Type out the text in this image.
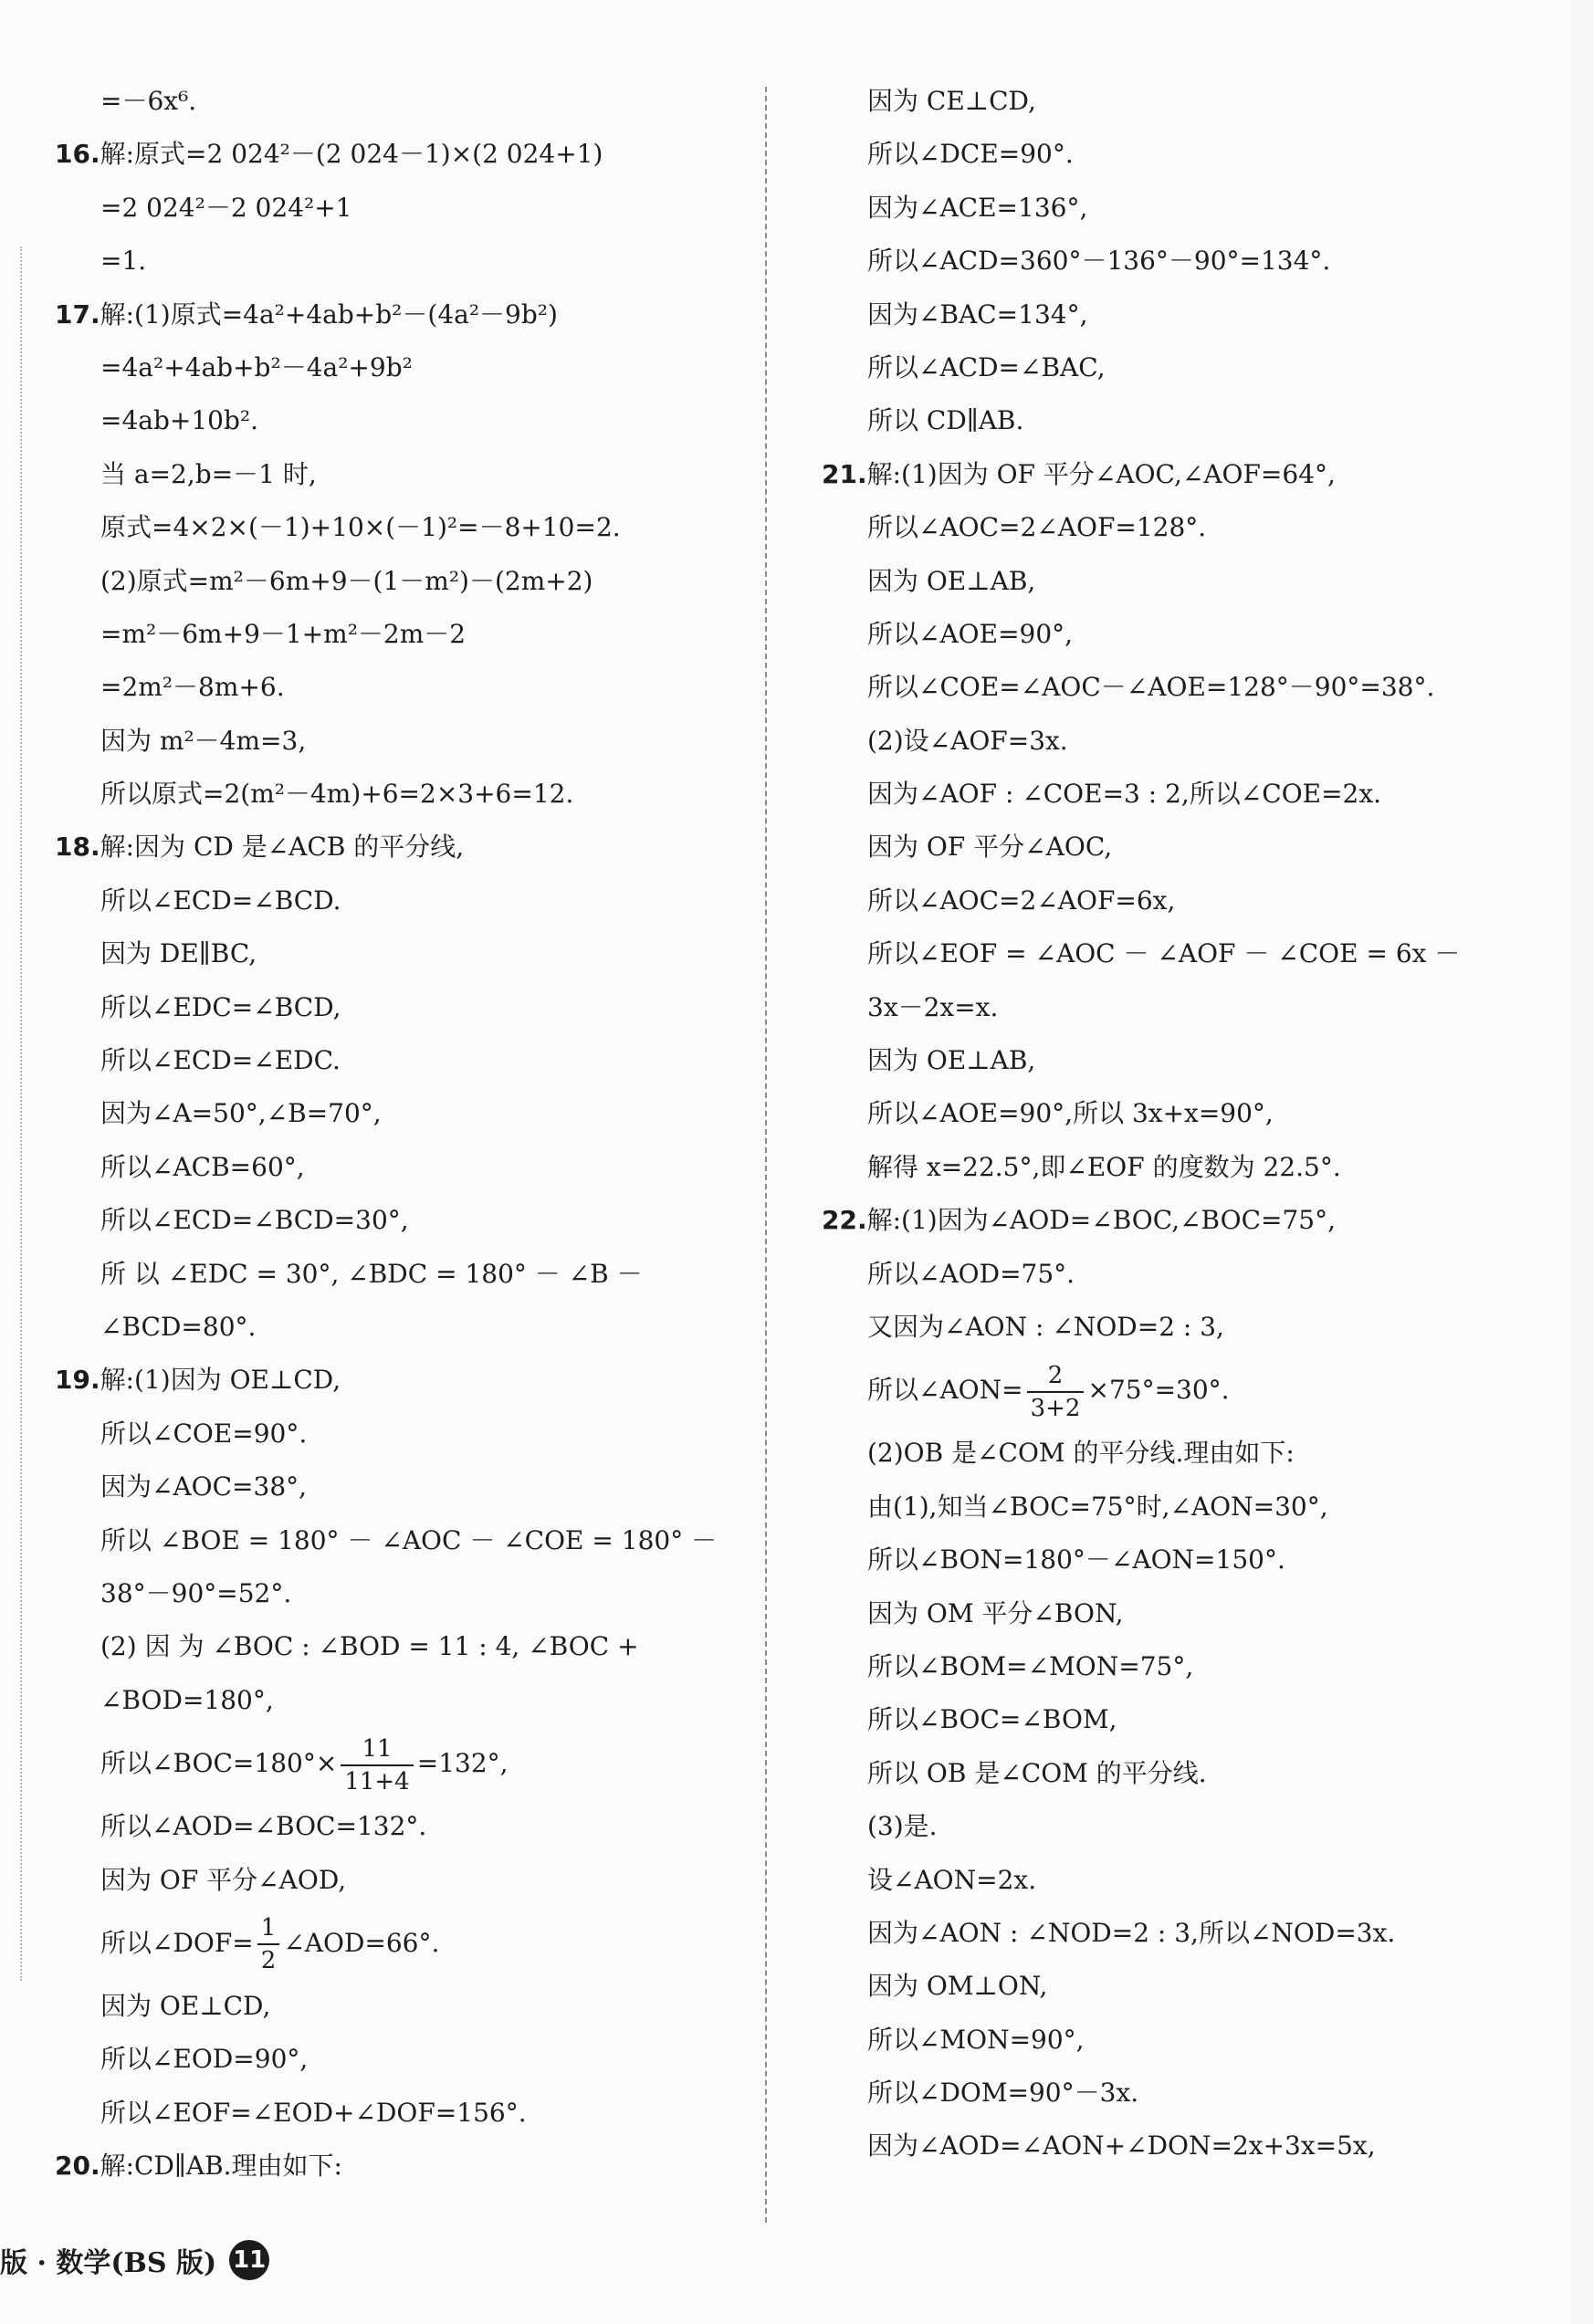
=－6x⁶.
16.解:原式=2 024²－(2 024－1)×(2 024+1)
=2 024²－2 024²+1
=1.
17.解:(1)原式=4a²+4ab+b²－(4a²－9b²)
=4a²+4ab+b²－4a²+9b²
=4ab+10b².
当 a=2,b=－1 时,
原式=4×2×(－1)+10×(－1)²=－8+10=2.
(2)原式=m²－6m+9－(1－m²)－(2m+2)
=m²－6m+9－1+m²－2m－2
=2m²－8m+6.
因为 m²－4m=3,
所以原式=2(m²－4m)+6=2×3+6=12.
18.解:因为 CD 是∠ACB 的平分线,
所以∠ECD=∠BCD.
因为 DE∥BC,
所以∠EDC=∠BCD,
所以∠ECD=∠EDC.
因为∠A=50°,∠B=70°,
所以∠ACB=60°,
所以∠ECD=∠BCD=30°,
所 以 ∠EDC = 30°, ∠BDC = 180° － ∠B －
∠BCD=80°.
19.解:(1)因为 OE⊥CD,
所以∠COE=90°.
因为∠AOC=38°,
所以 ∠BOE = 180° － ∠AOC － ∠COE = 180° －
38°－90°=52°.
(2) 因 为 ∠BOC : ∠BOD = 11 : 4, ∠BOC +
∠BOD=180°,
所以∠BOC=180°× $\frac{11}{11+4} =132^\circ$,
所以∠AOD=∠BOC=132°.
因为 OF 平分∠AOD,
所以∠DOF= $\frac{1}{2}$ ∠AOD=66°.
因为 OE⊥CD,
所以∠EOD=90°,
所以∠EOF=∠EOD+∠DOF=156°.
20.解:CD∥AB.理由如下:
因为 CE⊥CD,
所以∠DCE=90°.
因为∠ACE=136°,
所以∠ACD=360°－136°－90°=134°.
因为∠BAC=134°,
所以∠ACD=∠BAC,
所以 CD∥AB.
21.解:(1)因为 OF 平分∠AOC,∠AOF=64°,
所以∠AOC=2∠AOF=128°.
因为 OE⊥AB,
所以∠AOE=90°,
所以∠COE=∠AOC－∠AOE=128°－90°=38°.
(2)设∠AOF=3x.
因为∠AOF : ∠COE=3 : 2,所以∠COE=2x.
因为 OF 平分∠AOC,
所以∠AOC=2∠AOF=6x,
所以∠EOF = ∠AOC － ∠AOF － ∠COE = 6x －
3x－2x=x.
因为 OE⊥AB,
所以∠AOE=90°,所以 3x+x=90°,
解得 x=22.5°,即∠EOF 的度数为 22.5°.
22.解:(1)因为∠AOD=∠BOC,∠BOC=75°,
所以∠AOD=75°.
又因为∠AON : ∠NOD=2 : 3,
所以∠AON= $\frac{2}{3+2} \times 75^\circ=30^\circ$.
(2)OB 是∠COM 的平分线.理由如下:
由(1),知当∠BOC=75°时,∠AON=30°,
所以∠BON=180°－∠AON=150°.
因为 OM 平分∠BON,
所以∠BOM=∠MON=75°,
所以∠BOC=∠BOM,
所以 OB 是∠COM 的平分线.
(3)是.
设∠AON=2x.
因为∠AON : ∠NOD=2 : 3,所以∠NOD=3x.
因为 OM⊥ON,
所以∠MON=90°,
所以∠DOM=90°－3x.
因为∠AOD=∠AON+∠DON=2x+3x=5x,
版 · 数学(BS 版) 11
